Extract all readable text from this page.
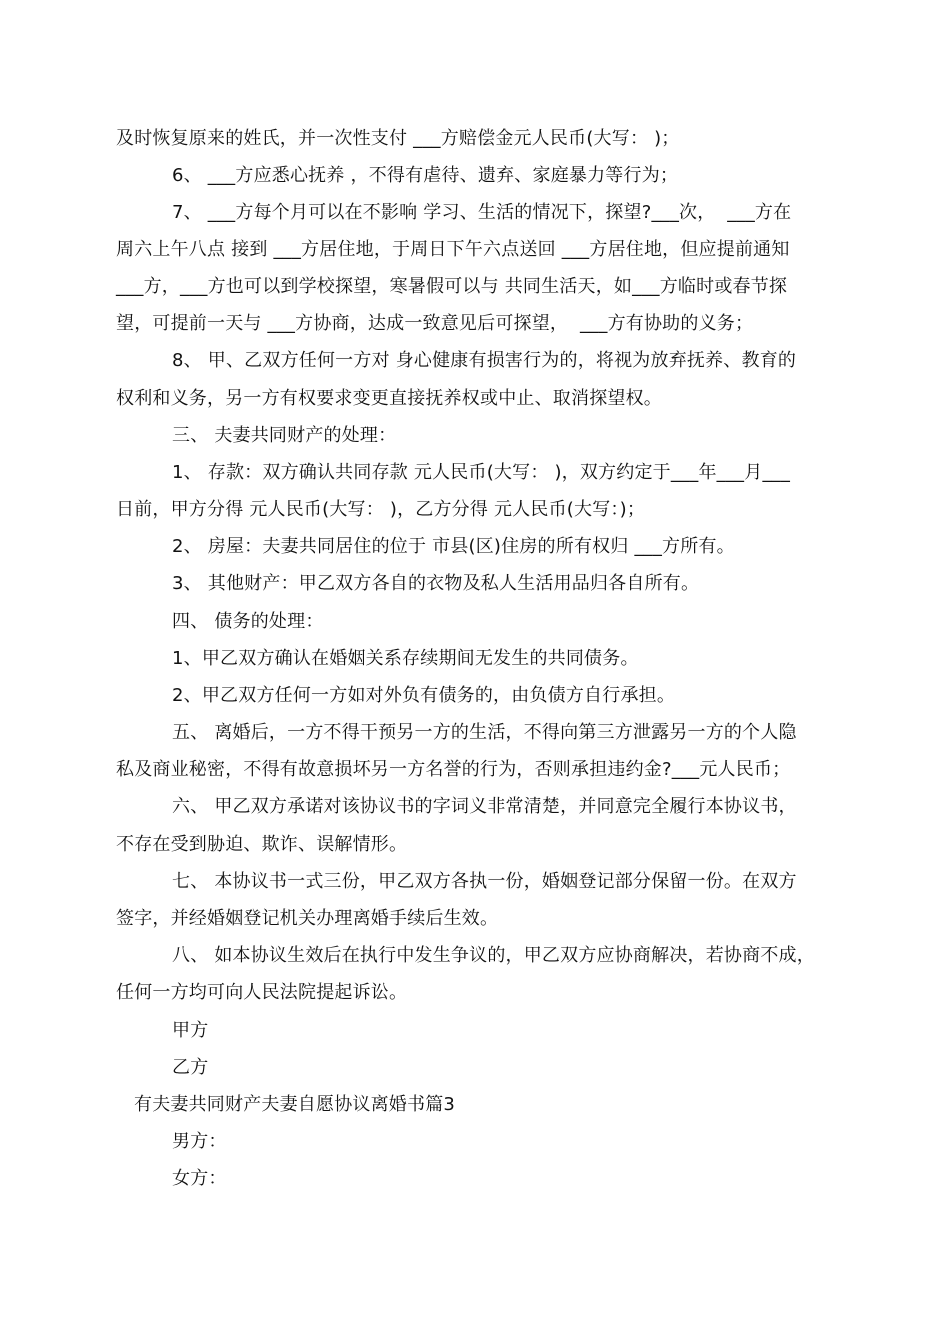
及时恢复原来的姓氏，并一次性支付 ___方赔偿金元人民币(大写： )；
6、 ___方应悉心抚养 ，不得有虐待、遗弃、家庭暴力等行为；
7、 ___方每个月可以在不影响 学习、生活的情况下，探望?___次，  ___方在
周六上午八点 接到 ___方居住地，于周日下午六点送回 ___方居住地，但应提前通知
___方，___方也可以到学校探望，寒暑假可以与 共同生活天，如___方临时或春节探
望，可提前一天与 ___方协商，达成一致意见后可探望，  ___方有协助的义务；
8、 甲、乙双方任何一方对 身心健康有损害行为的，将视为放弃抚养、教育的
权利和义务，另一方有权要求变更直接抚养权或中止、取消探望权。
三、 夫妻共同财产的处理：
1、 存款：双方确认共同存款 元人民币(大写： )，双方约定于___年___月___
日前，甲方分得 元人民币(大写： )，乙方分得 元人民币(大写：)；
2、 房屋：夫妻共同居住的位于 市县(区)住房的所有权归 ___方所有。
3、 其他财产：甲乙双方各自的衣物及私人生活用品归各自所有。
四、 债务的处理：
1、甲乙双方确认在婚姻关系存续期间无发生的共同债务。
2、甲乙双方任何一方如对外负有债务的，由负债方自行承担。
五、 离婚后，一方不得干预另一方的生活，不得向第三方泄露另一方的个人隐
私及商业秘密，不得有故意损坏另一方名誉的行为，否则承担违约金?___元人民币；
六、 甲乙双方承诺对该协议书的字词义非常清楚，并同意完全履行本协议书，
不存在受到胁迫、欺诈、误解情形。
七、 本协议书一式三份，甲乙双方各执一份，婚姻登记部分保留一份。在双方
签字，并经婚姻登记机关办理离婚手续后生效。
八、 如本协议生效后在执行中发生争议的，甲乙双方应协商解决，若协商不成，
任何一方均可向人民法院提起诉讼。
甲方
乙方
有夫妻共同财产夫妻自愿协议离婚书篇3
男方：
女方：
